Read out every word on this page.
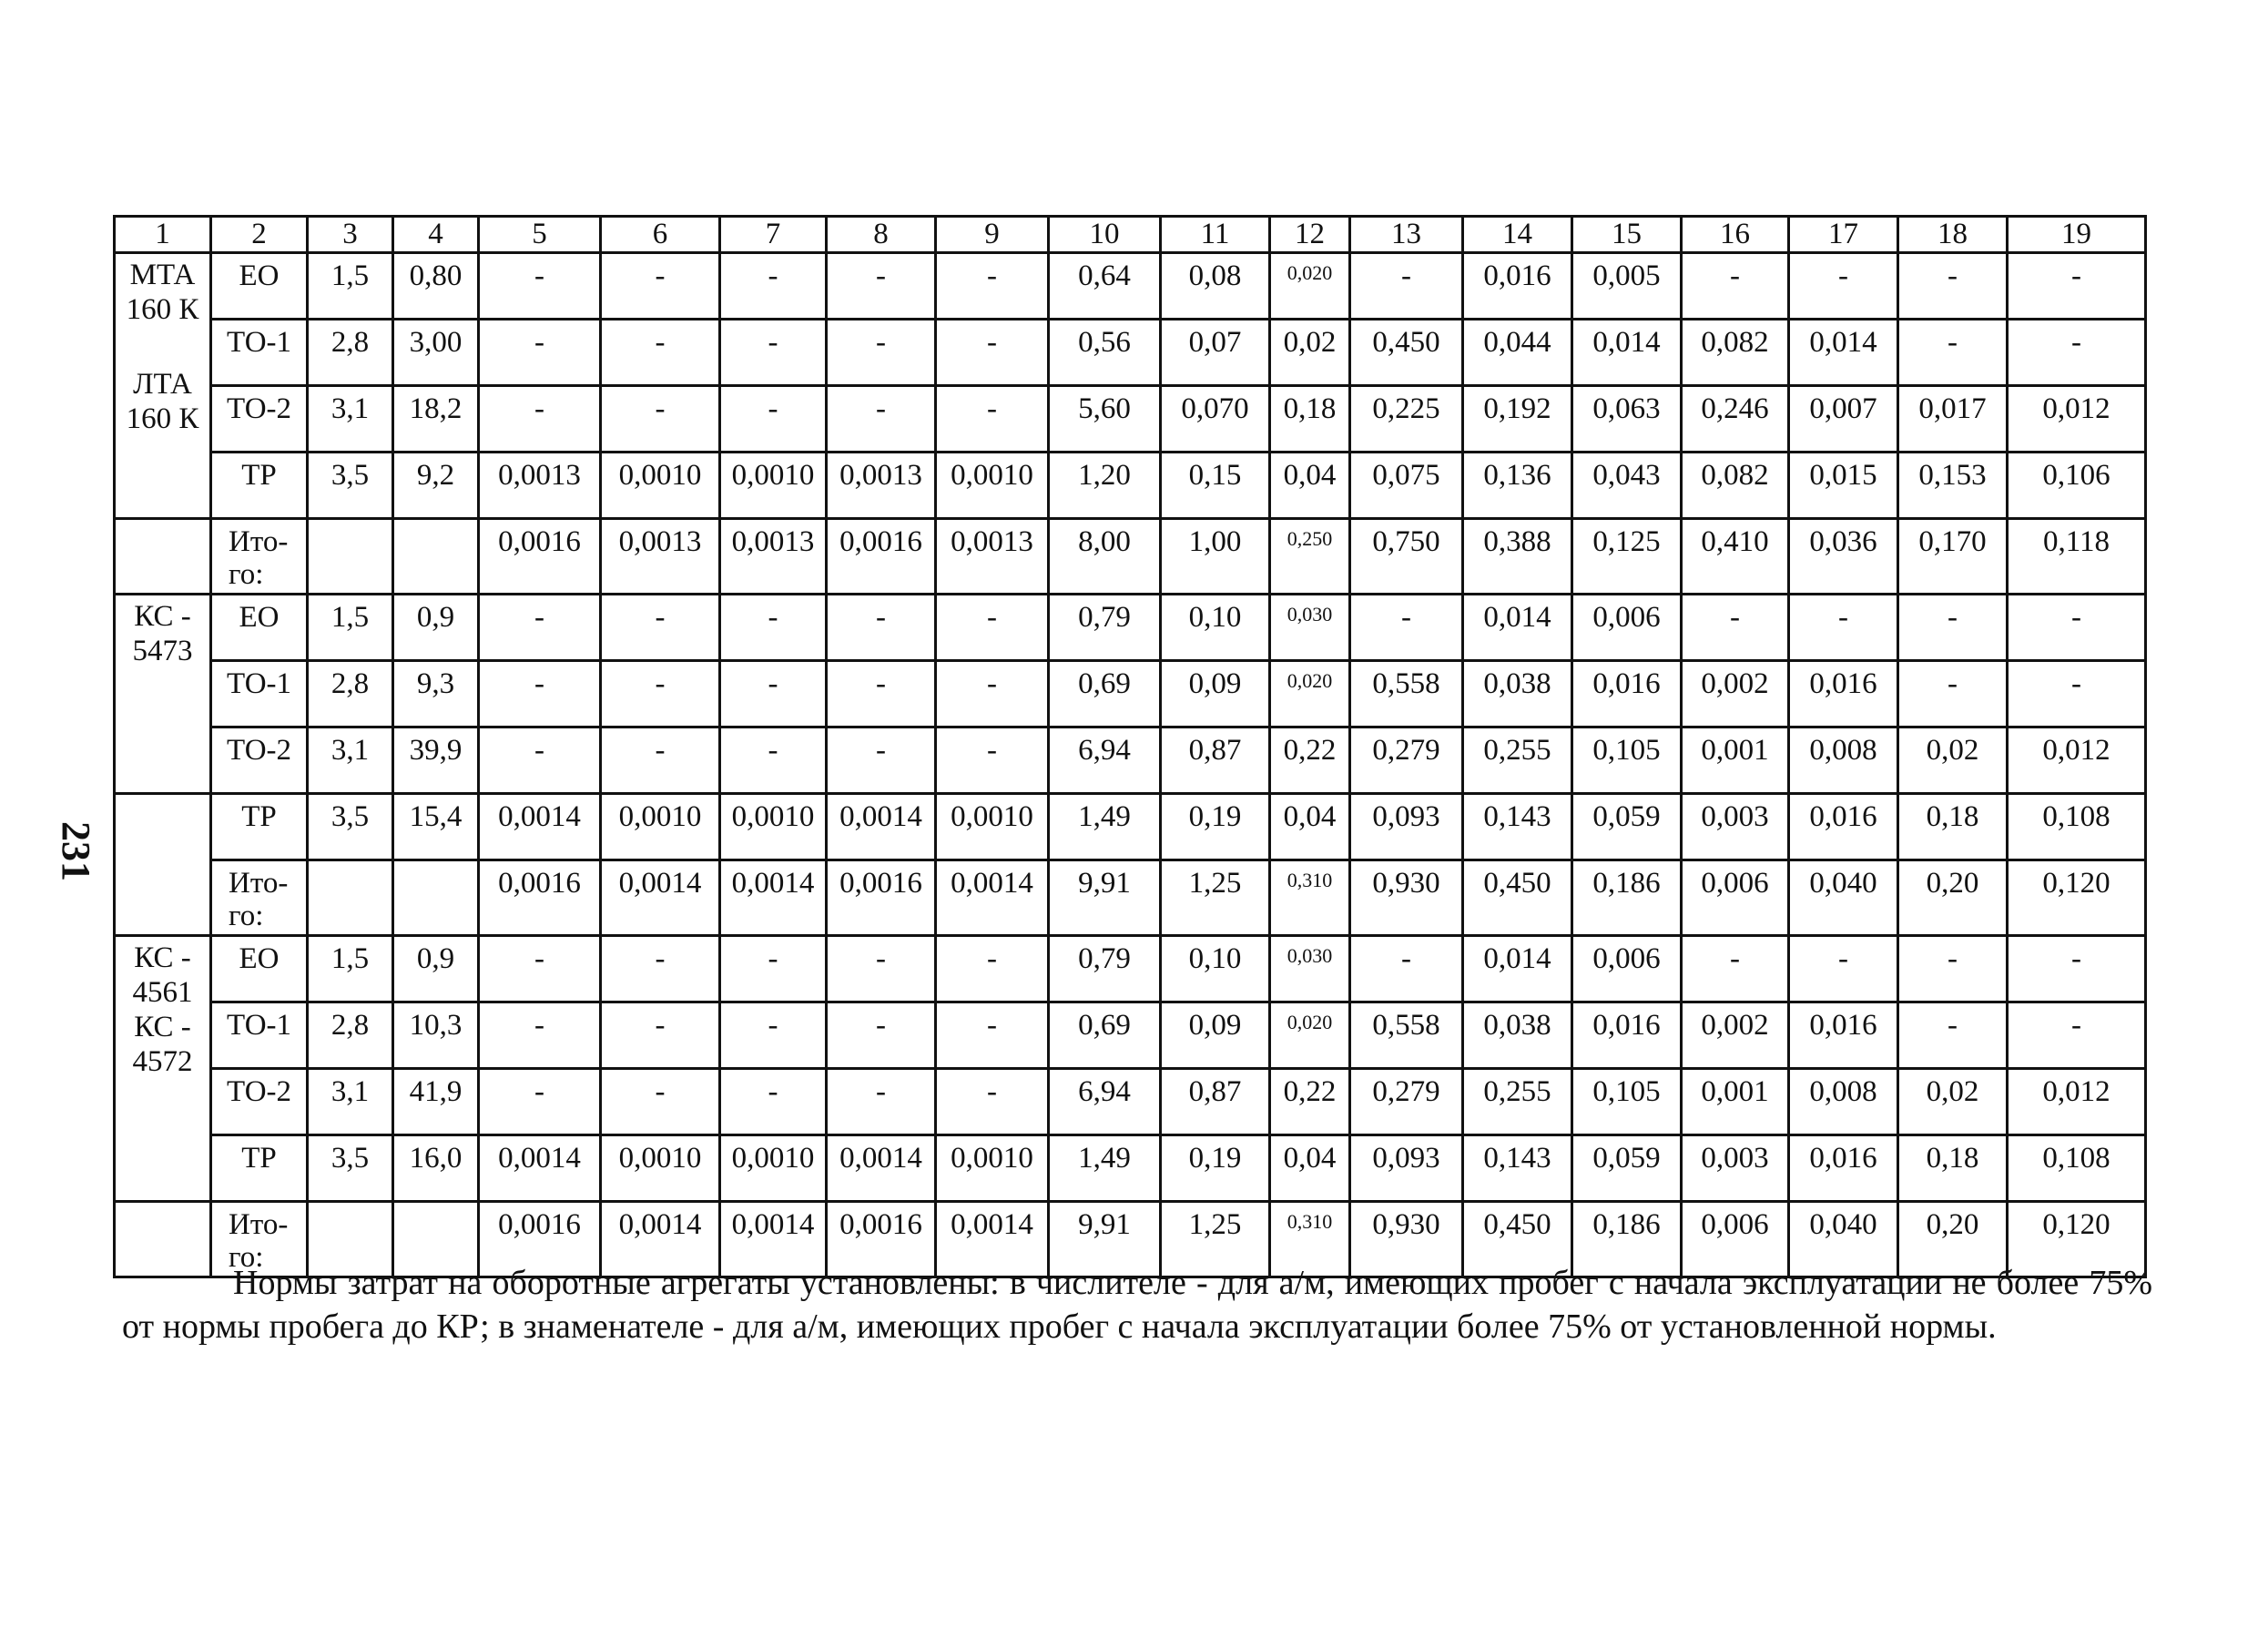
231
1	2	3	4	5	6	7	8	9	10	11	12	13	14	15	16	17	18	19

МТА 160 К
ЛТА 160 К	ЕО	1,5	0,80	-	-	-	-	-	0,64	0,08	0,020	-	0,016	0,005	-	-	-	-
	ТО-1	2,8	3,00	-	-	-	-	-	0,56	0,07	0,02	0,450	0,044	0,014	0,082	0,014	-	-
	ТО-2	3,1	18,2	-	-	-	-	-	5,60	0,070	0,18	0,225	0,192	0,063	0,246	0,007	0,017	0,012
	ТР	3,5	9,2	0,0013	0,0010	0,0010	0,0013	0,0010	1,20	0,15	0,04	0,075	0,136	0,043	0,082	0,015	0,153	0,106
	Ито-го:			0,0016	0,0013	0,0013	0,0016	0,0013	8,00	1,00	0,250	0,750	0,388	0,125	0,410	0,036	0,170	0,118

КС - 5473	ЕО	1,5	0,9	-	-	-	-	-	0,79	0,10	0,030	-	0,014	0,006	-	-	-	-
	ТО-1	2,8	9,3	-	-	-	-	-	0,69	0,09	0,020	0,558	0,038	0,016	0,002	0,016	-	-
	ТО-2	3,1	39,9	-	-	-	-	-	6,94	0,87	0,22	0,279	0,255	0,105	0,001	0,008	0,02	0,012
	ТР	3,5	15,4	0,0014	0,0010	0,0010	0,0014	0,0010	1,49	0,19	0,04	0,093	0,143	0,059	0,003	0,016	0,18	0,108
	Ито-го:			0,0016	0,0014	0,0014	0,0016	0,0014	9,91	1,25	0,310	0,930	0,450	0,186	0,006	0,040	0,20	0,120

КС - 4561
КС - 4572	ЕО	1,5	0,9	-	-	-	-	-	0,79	0,10	0,030	-	0,014	0,006	-	-	-	-
	ТО-1	2,8	10,3	-	-	-	-	-	0,69	0,09	0,020	0,558	0,038	0,016	0,002	0,016	-	-
	ТО-2	3,1	41,9	-	-	-	-	-	6,94	0,87	0,22	0,279	0,255	0,105	0,001	0,008	0,02	0,012
	ТР	3,5	16,0	0,0014	0,0010	0,0010	0,0014	0,0010	1,49	0,19	0,04	0,093	0,143	0,059	0,003	0,016	0,18	0,108
	Ито-го:			0,0016	0,0014	0,0014	0,0016	0,0014	9,91	1,25	0,310	0,930	0,450	0,186	0,006	0,040	0,20	0,120

Нормы затрат на оборотные агрегаты установлены: в числителе - для а/м, имеющих пробег с начала эксплуатации не более 75% от нормы пробега до КР; в знаменателе - для а/м, имеющих пробег с начала эксплуатации более 75% от установленной нормы.
